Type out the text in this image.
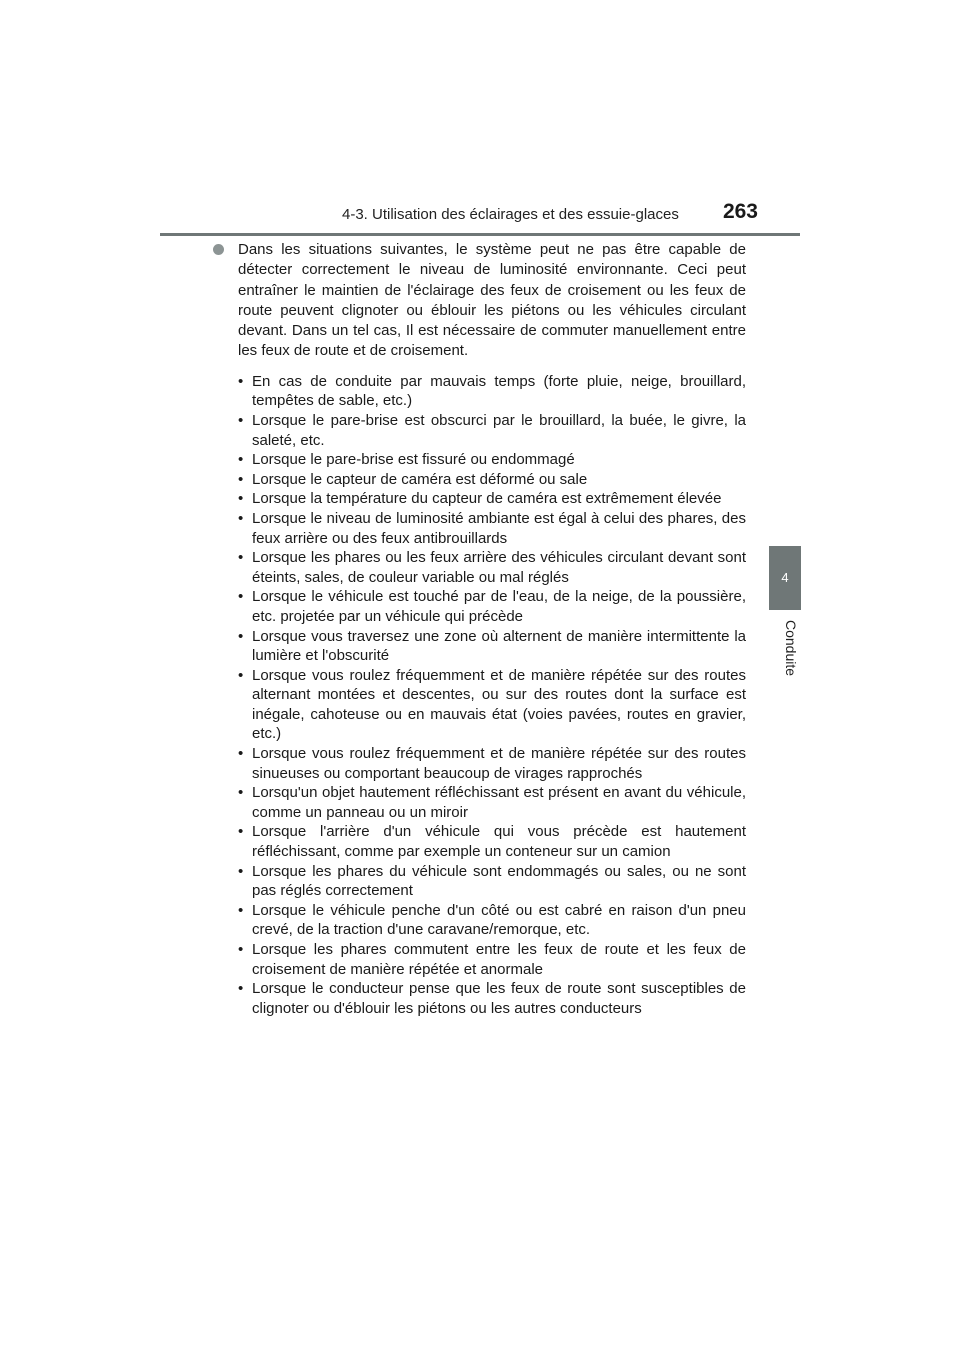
4-3. Utilisation des éclairages et des essuie-glaces 263
4
Conduite

Dans les situations suivantes, le système peut ne pas être capable de détecter correctement le niveau de luminosité environnante. Ceci peut entraîner le maintien de l'éclairage des feux de croisement ou les feux de route peuvent clignoter ou éblouir les piétons ou les véhicules circulant devant. Dans un tel cas, Il est nécessaire de commuter manuellement entre les feux de route et de croisement.

• En cas de conduite par mauvais temps (forte pluie, neige, brouillard, tempêtes de sable, etc.)
• Lorsque le pare-brise est obscurci par le brouillard, la buée, le givre, la saleté, etc.
• Lorsque le pare-brise est fissuré ou endommagé
• Lorsque le capteur de caméra est déformé ou sale
• Lorsque la température du capteur de caméra est extrêmement élevée
• Lorsque le niveau de luminosité ambiante est égal à celui des phares, des feux arrière ou des feux antibrouillards
• Lorsque les phares ou les feux arrière des véhicules circulant devant sont éteints, sales, de couleur variable ou mal réglés
• Lorsque le véhicule est touché par de l'eau, de la neige, de la poussière, etc. projetée par un véhicule qui précède
• Lorsque vous traversez une zone où alternent de manière intermittente la lumière et l'obscurité
• Lorsque vous roulez fréquemment et de manière répétée sur des routes alternant montées et descentes, ou sur des routes dont la surface est inégale, cahoteuse ou en mauvais état (voies pavées, routes en gravier, etc.)
• Lorsque vous roulez fréquemment et de manière répétée sur des routes sinueuses ou comportant beaucoup de virages rapprochés
• Lorsqu'un objet hautement réfléchissant est présent en avant du véhicule, comme un panneau ou un miroir
• Lorsque l'arrière d'un véhicule qui vous précède est hautement réfléchissant, comme par exemple un conteneur sur un camion
• Lorsque les phares du véhicule sont endommagés ou sales, ou ne sont pas réglés correctement
• Lorsque le véhicule penche d'un côté ou est cabré en raison d'un pneu crevé, de la traction d'une caravane/remorque, etc.
• Lorsque les phares commutent entre les feux de route et les feux de croisement de manière répétée et anormale
• Lorsque le conducteur pense que les feux de route sont susceptibles de clignoter ou d'éblouir les piétons ou les autres conducteurs
